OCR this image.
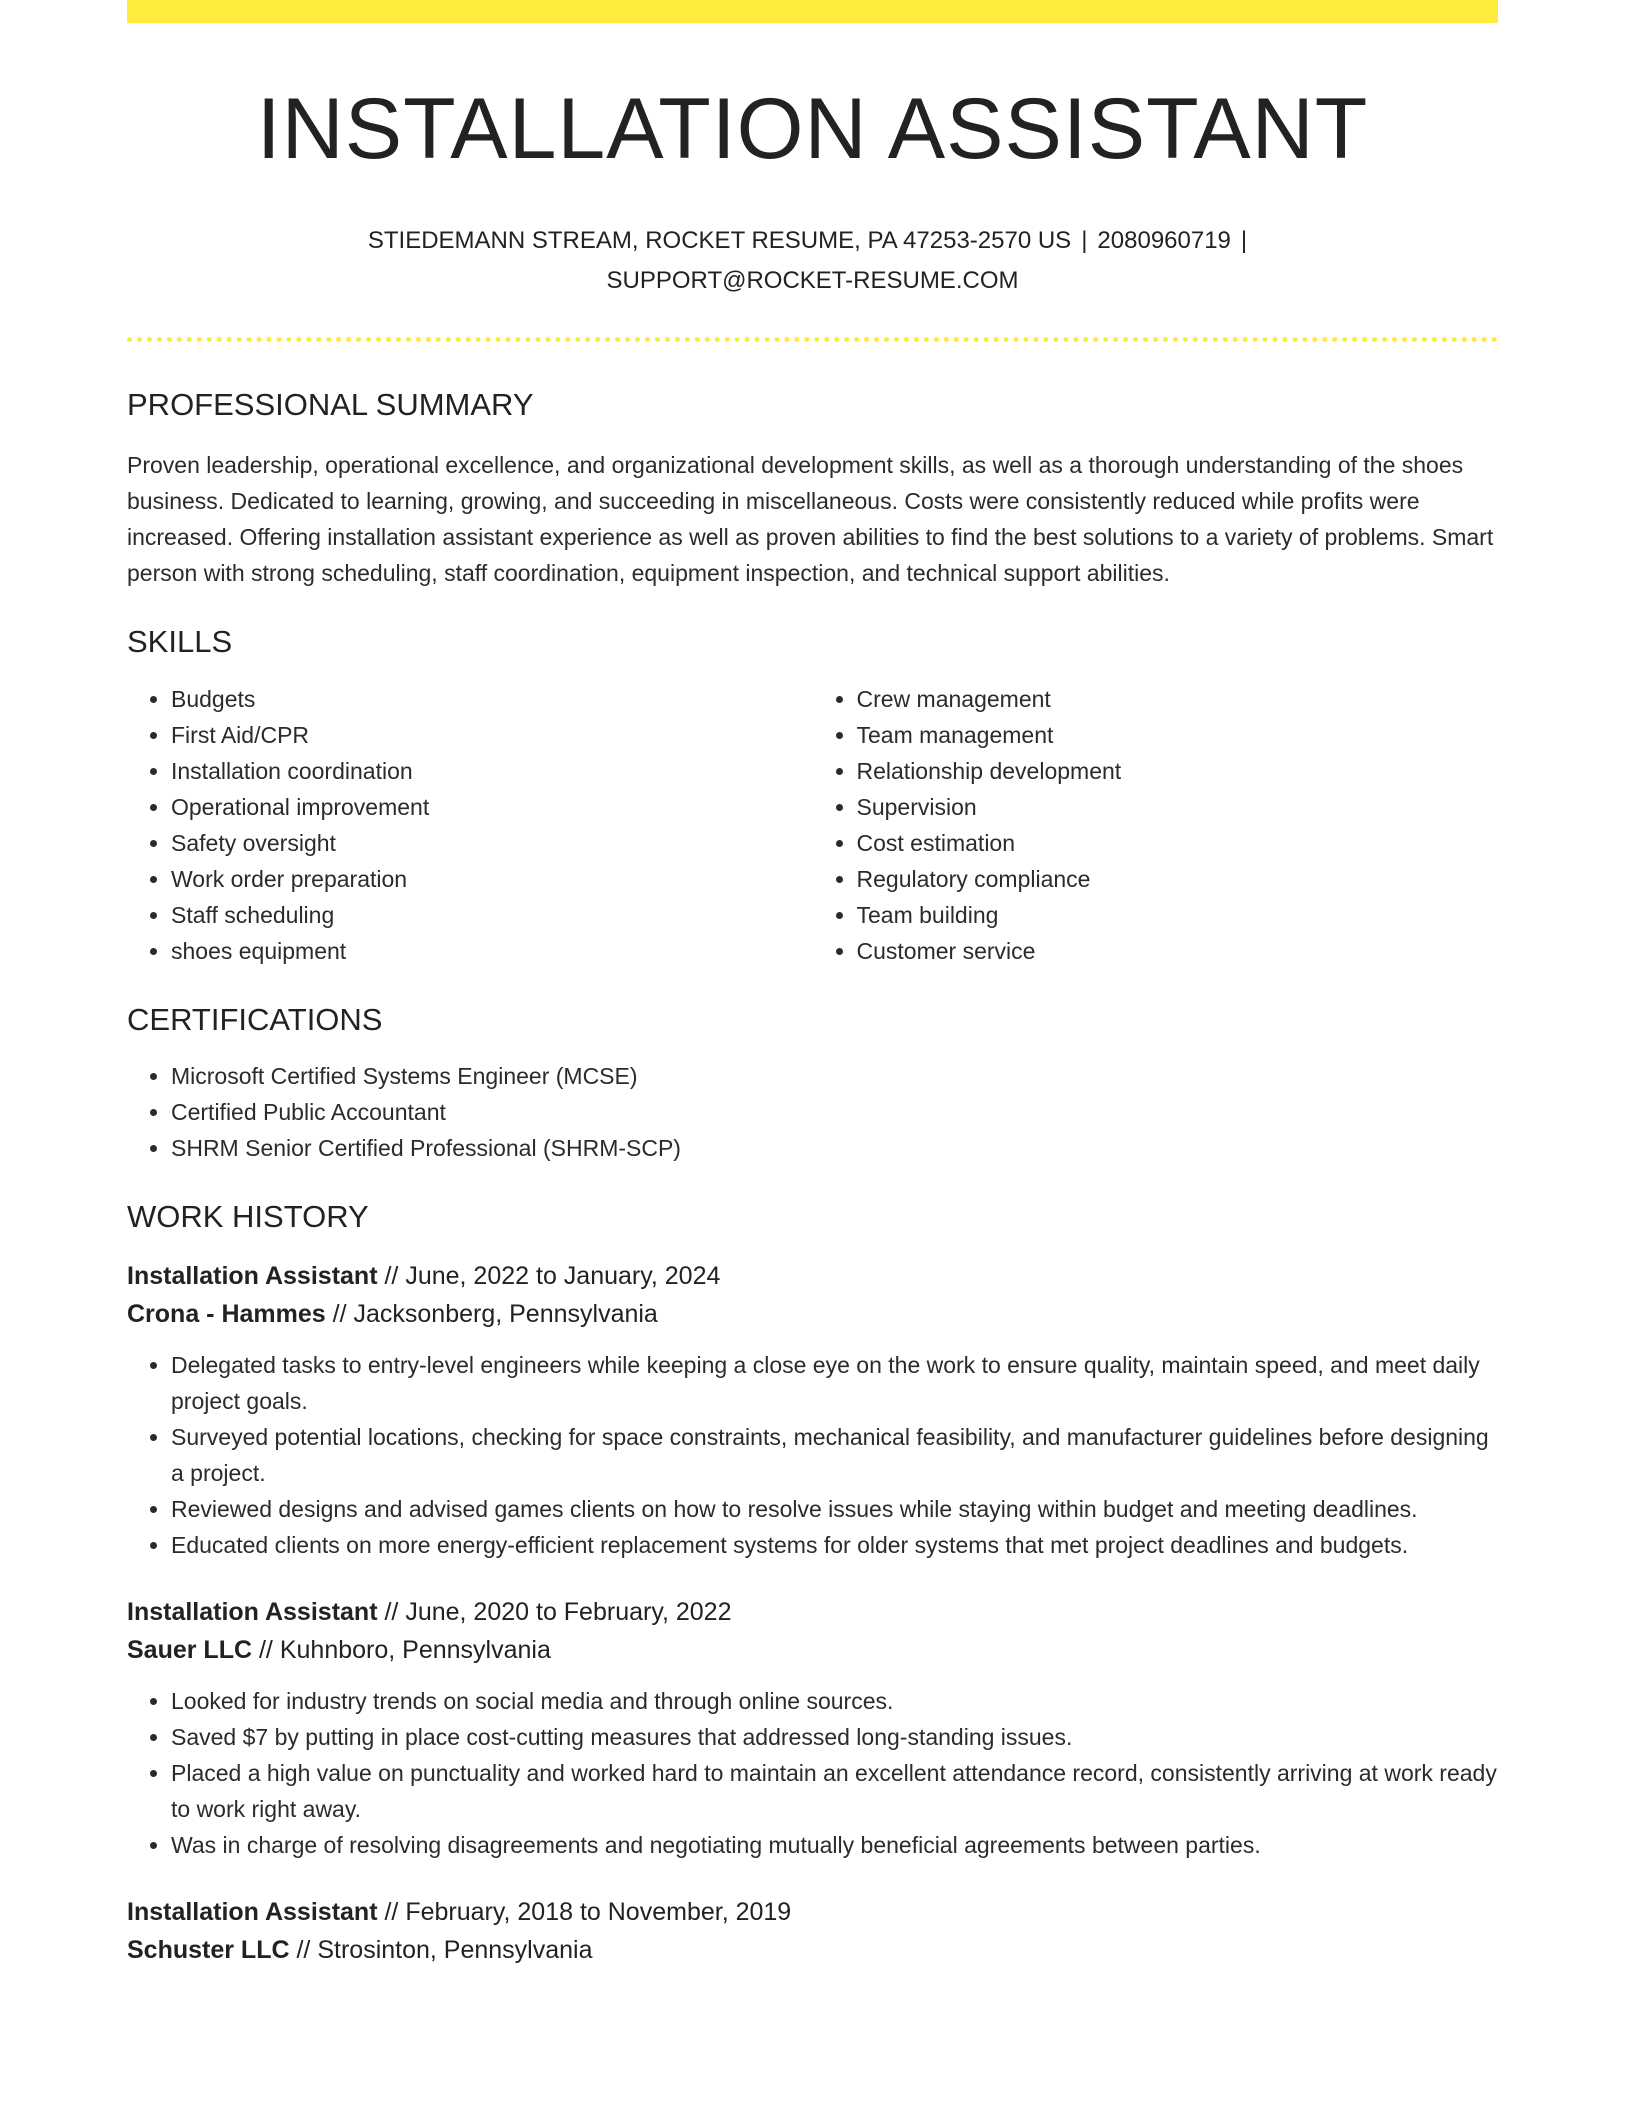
INSTALLATION ASSISTANT
STIEDEMANN STREAM, ROCKET RESUME, PA 47253-2570 US | 2080960719 |
SUPPORT@ROCKET-RESUME.COM
PROFESSIONAL SUMMARY

Proven leadership, operational excellence, and organizational development skills, as well as a thorough understanding of the shoes business. Dedicated to learning, growing, and succeeding in miscellaneous. Costs were consistently reduced while profits were increased. Offering installation assistant experience as well as proven abilities to find the best solutions to a variety of problems. Smart person with strong scheduling, staff coordination, equipment inspection, and technical support abilities.

SKILLS
• Budgets
• First Aid/CPR
• Installation coordination
• Operational improvement
• Safety oversight
• Work order preparation
• Staff scheduling
• shoes equipment
• Crew management
• Team management
• Relationship development
• Supervision
• Cost estimation
• Regulatory compliance
• Team building
• Customer service
CERTIFICATIONS
• Microsoft Certified Systems Engineer (MCSE)
• Certified Public Accountant
• SHRM Senior Certified Professional (SHRM-SCP)
WORK HISTORY
Installation Assistant // June, 2022 to January, 2024
Crona - Hammes // Jacksonberg, Pennsylvania
• Delegated tasks to entry-level engineers while keeping a close eye on the work to ensure quality, maintain speed, and meet daily project goals.
• Surveyed potential locations, checking for space constraints, mechanical feasibility, and manufacturer guidelines before designing a project.
• Reviewed designs and advised games clients on how to resolve issues while staying within budget and meeting deadlines.
• Educated clients on more energy-efficient replacement systems for older systems that met project deadlines and budgets.
Installation Assistant // June, 2020 to February, 2022
Sauer LLC // Kuhnboro, Pennsylvania
• Looked for industry trends on social media and through online sources.
• Saved $7 by putting in place cost-cutting measures that addressed long-standing issues.
• Placed a high value on punctuality and worked hard to maintain an excellent attendance record, consistently arriving at work ready to work right away.
• Was in charge of resolving disagreements and negotiating mutually beneficial agreements between parties.
Installation Assistant // February, 2018 to November, 2019
Schuster LLC // Strosinton, Pennsylvania
